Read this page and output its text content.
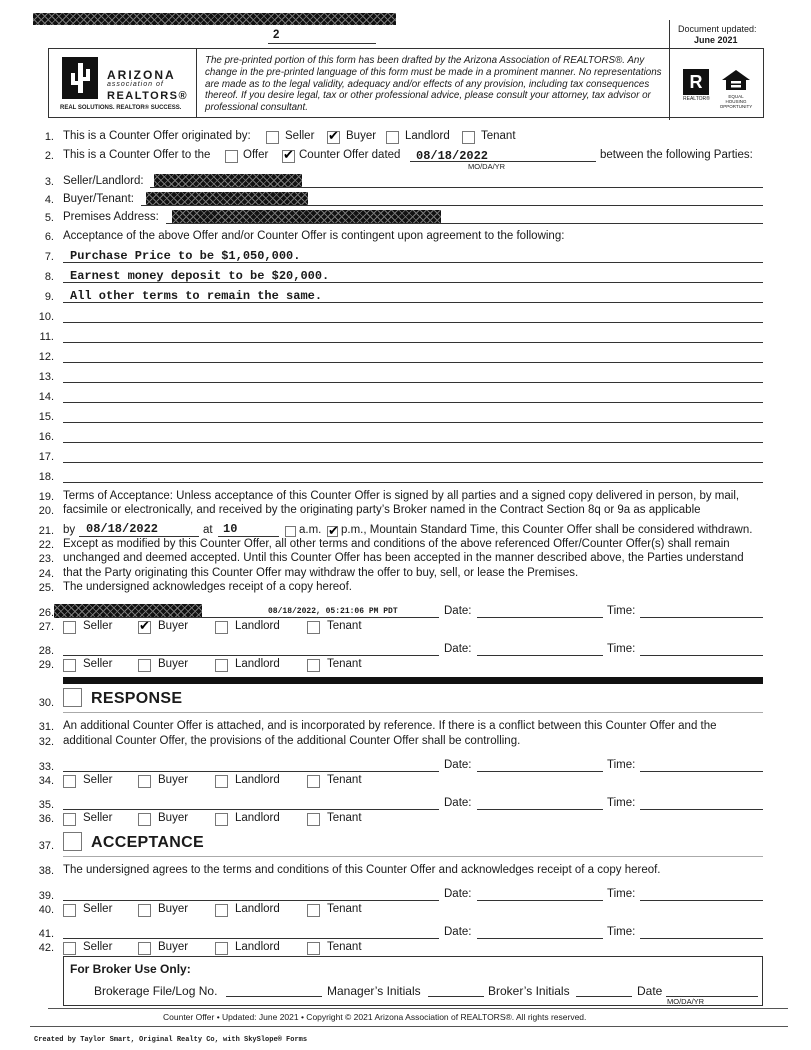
2	Document updated:
June 2021
ARIZONA
association of
REALTORS®
REAL SOLUTIONS. REALTOR® SUCCESS.
The pre-printed portion of this form has been drafted by the Arizona Association of REALTORS®. Any change in the pre-printed language of this form must be made in a prominent manner. No representations are made as to the legal validity, adequacy and/or effects of any provision, including tax consequences thereof. If you desire legal, tax or other professional advice, please consult your attorney, tax advisor or professional consultant.
R
REALTOR®	EQUAL HOUSING OPPORTUNITY
1. This is a Counter Offer originated by:	Seller ✔	Buyer	Landlord	Tenant
2. This is a Counter Offer to the	Offer ✔	Counter Offer dated 08/18/2022	between the following Parties:
MO/DA/YR
3. Seller/Landlord:
4. Buyer/Tenant:
5. Premises Address:
6. Acceptance of the above Offer and/or Counter Offer is contingent upon agreement to the following:
7. Purchase Price to be $1,050,000.
8. Earnest money deposit to be $20,000.
9. All other terms to remain the same.
10.
11.
12.
13.
14.
15.
16.
17.
18.
19. Terms of Acceptance: Unless acceptance of this Counter Offer is signed by all parties and a signed copy delivered in person, by mail,
20. facsimile or electronically, and received by the originating party’s Broker named in the Contract Section 8q or 9a as applicable
21. by 08/18/2022	at 10	a.m. ✔ p.m., Mountain Standard Time, this Counter Offer shall be considered withdrawn.
22. Except as modified by this Counter Offer, all other terms and conditions of the above referenced Offer/Counter Offer(s) shall remain
23. unchanged and deemed accepted. Until this Counter Offer has been accepted in the manner described above, the Parties understand
24. that the Party originating this Counter Offer may withdraw the offer to buy, sell, or lease the Premises.
25. The undersigned acknowledges receipt of a copy hereof.
26.	08/18/2022, 05:21:06 PM PDT	Date:	Time:
27.	Seller ✔	Buyer	Landlord	Tenant
28.	Date:	Time:
29.	Seller	Buyer	Landlord	Tenant
30. RESPONSE
31. An additional Counter Offer is attached, and is incorporated by reference. If there is a conflict between this Counter Offer and the
32. additional Counter Offer, the provisions of the additional Counter Offer shall be controlling.
33.	Date:	Time:
34.	Seller	Buyer	Landlord	Tenant
35.	Date:	Time:
36.	Seller	Buyer	Landlord	Tenant
37. ACCEPTANCE
38. The undersigned agrees to the terms and conditions of this Counter Offer and acknowledges receipt of a copy hereof.
39.	Date:	Time:
40.	Seller	Buyer	Landlord	Tenant
41.	Date:	Time:
42.	Seller	Buyer	Landlord	Tenant
For Broker Use Only:
Brokerage File/Log No.	Manager’s Initials	Broker’s Initials	Date
MO/DA/YR
Counter Offer • Updated: June 2021 • Copyright © 2021 Arizona Association of REALTORS®. All rights reserved.
Created by Taylor Smart, Original Realty Co, with SkySlope® Forms
